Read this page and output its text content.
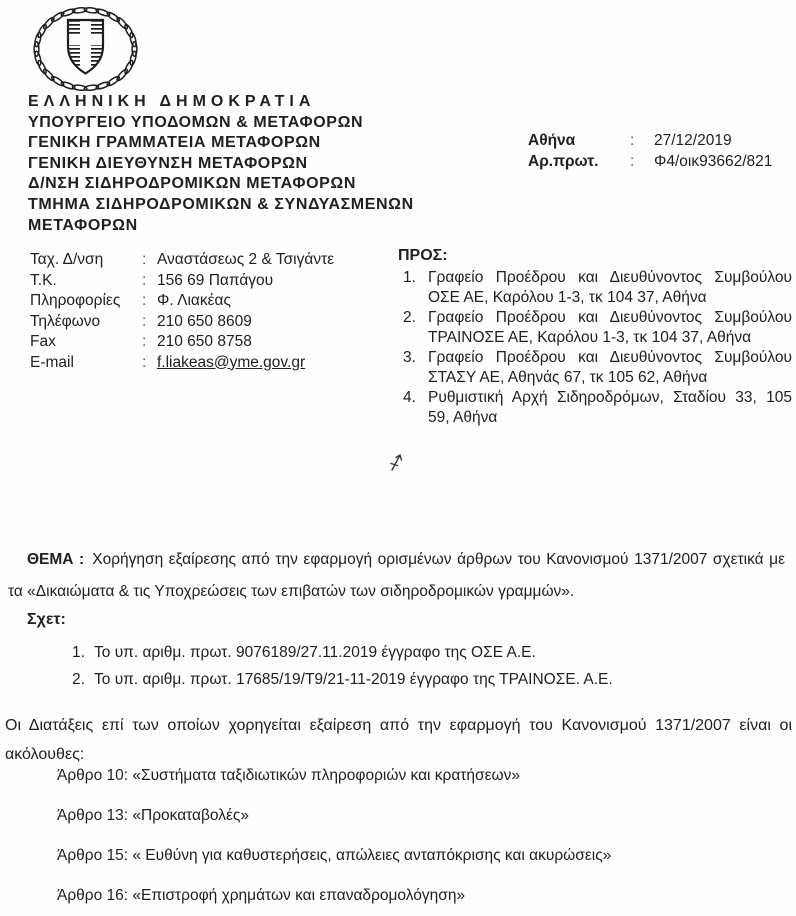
ΕΛΛΗΝΙΚΗ ΔΗΜΟΚΡΑΤΙΑ
ΥΠΟΥΡΓΕΙΟ ΥΠΟΔΟΜΩΝ & ΜΕΤΑΦΟΡΩΝ
ΓΕΝΙΚΗ ΓΡΑΜΜΑΤΕΙΑ ΜΕΤΑΦΟΡΩΝ
ΓΕΝΙΚΗ ΔΙΕΥΘΥΝΣΗ ΜΕΤΑΦΟΡΩΝ
Δ/ΝΣΗ ΣΙΔΗΡΟΔΡΟΜΙΚΩΝ ΜΕΤΑΦΟΡΩΝ
ΤΜΗΜΑ ΣΙΔΗΡΟΔΡΟΜΙΚΩΝ & ΣΥΝΔΥΑΣΜΕΝΩΝ
ΜΕΤΑΦΟΡΩΝ
Αθήνα	:	27/12/2019
Αρ.πρωτ.	:	Φ4/οικ93662/821
Ταχ. Δ/νση	: Αναστάσεως 2 & Τσιγάντε
Τ.Κ.	: 156 69 Παπάγου
Πληροφορίες	: Φ. Λιακέας
Τηλέφωνο	: 210 650 8609
Fax	: 210 650 8758
E-mail	: f.liakeas@yme.gov.gr
ΠΡΟΣ:
1. Γραφείο Προέδρου και Διευθύνοντος Συμβούλου ΟΣΕ ΑΕ, Καρόλου 1-3, τκ 104 37, Αθήνα
2. Γραφείο Προέδρου και Διευθύνοντος Συμβούλου ΤΡΑΙΝΟΣΕ ΑΕ, Καρόλου 1-3, τκ 104 37, Αθήνα
3. Γραφείο Προέδρου και Διευθύνοντος Συμβούλου ΣΤΑΣΥ ΑΕ, Αθηνάς 67, τκ 105 62, Αθήνα
4. Ρυθμιστική Αρχή Σιδηροδρόμων, Σταδίου 33, 105 59, Αθήνα

ΘΕΜΑ : Χορήγηση εξαίρεσης από την εφαρμογή ορισμένων άρθρων του Κανονισμού 1371/2007 σχετικά με τα «Δικαιώματα & τις Υποχρεώσεις των επιβατών των σιδηροδρομικών γραμμών».

Σχετ:
1. Το υπ. αριθμ. πρωτ. 9076189/27.11.2019 έγγραφο της ΟΣΕ Α.Ε.
2. Το υπ. αριθμ. πρωτ. 17685/19/Τ9/21-11-2019 έγγραφο της ΤΡΑΙΝΟΣΕ. Α.Ε.

Οι Διατάξεις επί των οποίων χορηγείται εξαίρεση από την εφαρμογή του Κανονισμού 1371/2007 είναι οι ακόλουθες:

Άρθρο 10: «Συστήματα ταξιδιωτικών πληροφοριών και κρατήσεων»
Άρθρο 13: «Προκαταβολές»
Άρθρο 15: « Ευθύνη για καθυστερήσεις, απώλειες ανταπόκρισης και ακυρώσεις»
Άρθρο 16: «Επιστροφή χρημάτων και επαναδρομολόγηση»
